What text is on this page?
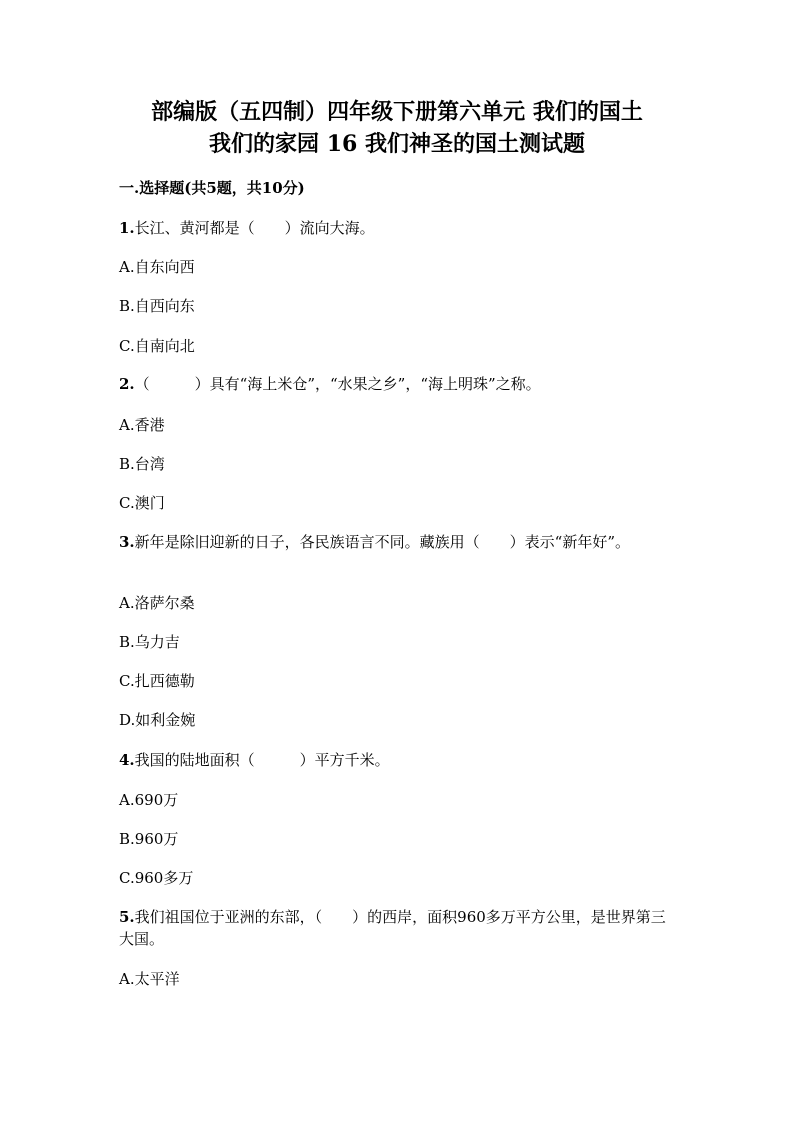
部编版（五四制）四年级下册第六单元 我们的国土
我们的家园 16 我们神圣的国土测试题
一.选择题(共5题，共10分)
1.长江、黄河都是（　　）流向大海。
A.自东向西
B.自西向东
C.自南向北
2.（　　　）具有“海上米仓”，“水果之乡”，“海上明珠”之称。
A.香港
B.台湾
C.澳门
3.新年是除旧迎新的日子，各民族语言不同。藏族用（　　）表示“新年好”。
A.洛萨尔桑
B.乌力吉
C.扎西德勒
D.如利金婉
4.我国的陆地面积（　　　）平方千米。
A.690万
B.960万
C.960多万
5.我们祖国位于亚洲的东部，（　　）的西岸，面积960多万平方公里，是世界第三大国。
A.太平洋
